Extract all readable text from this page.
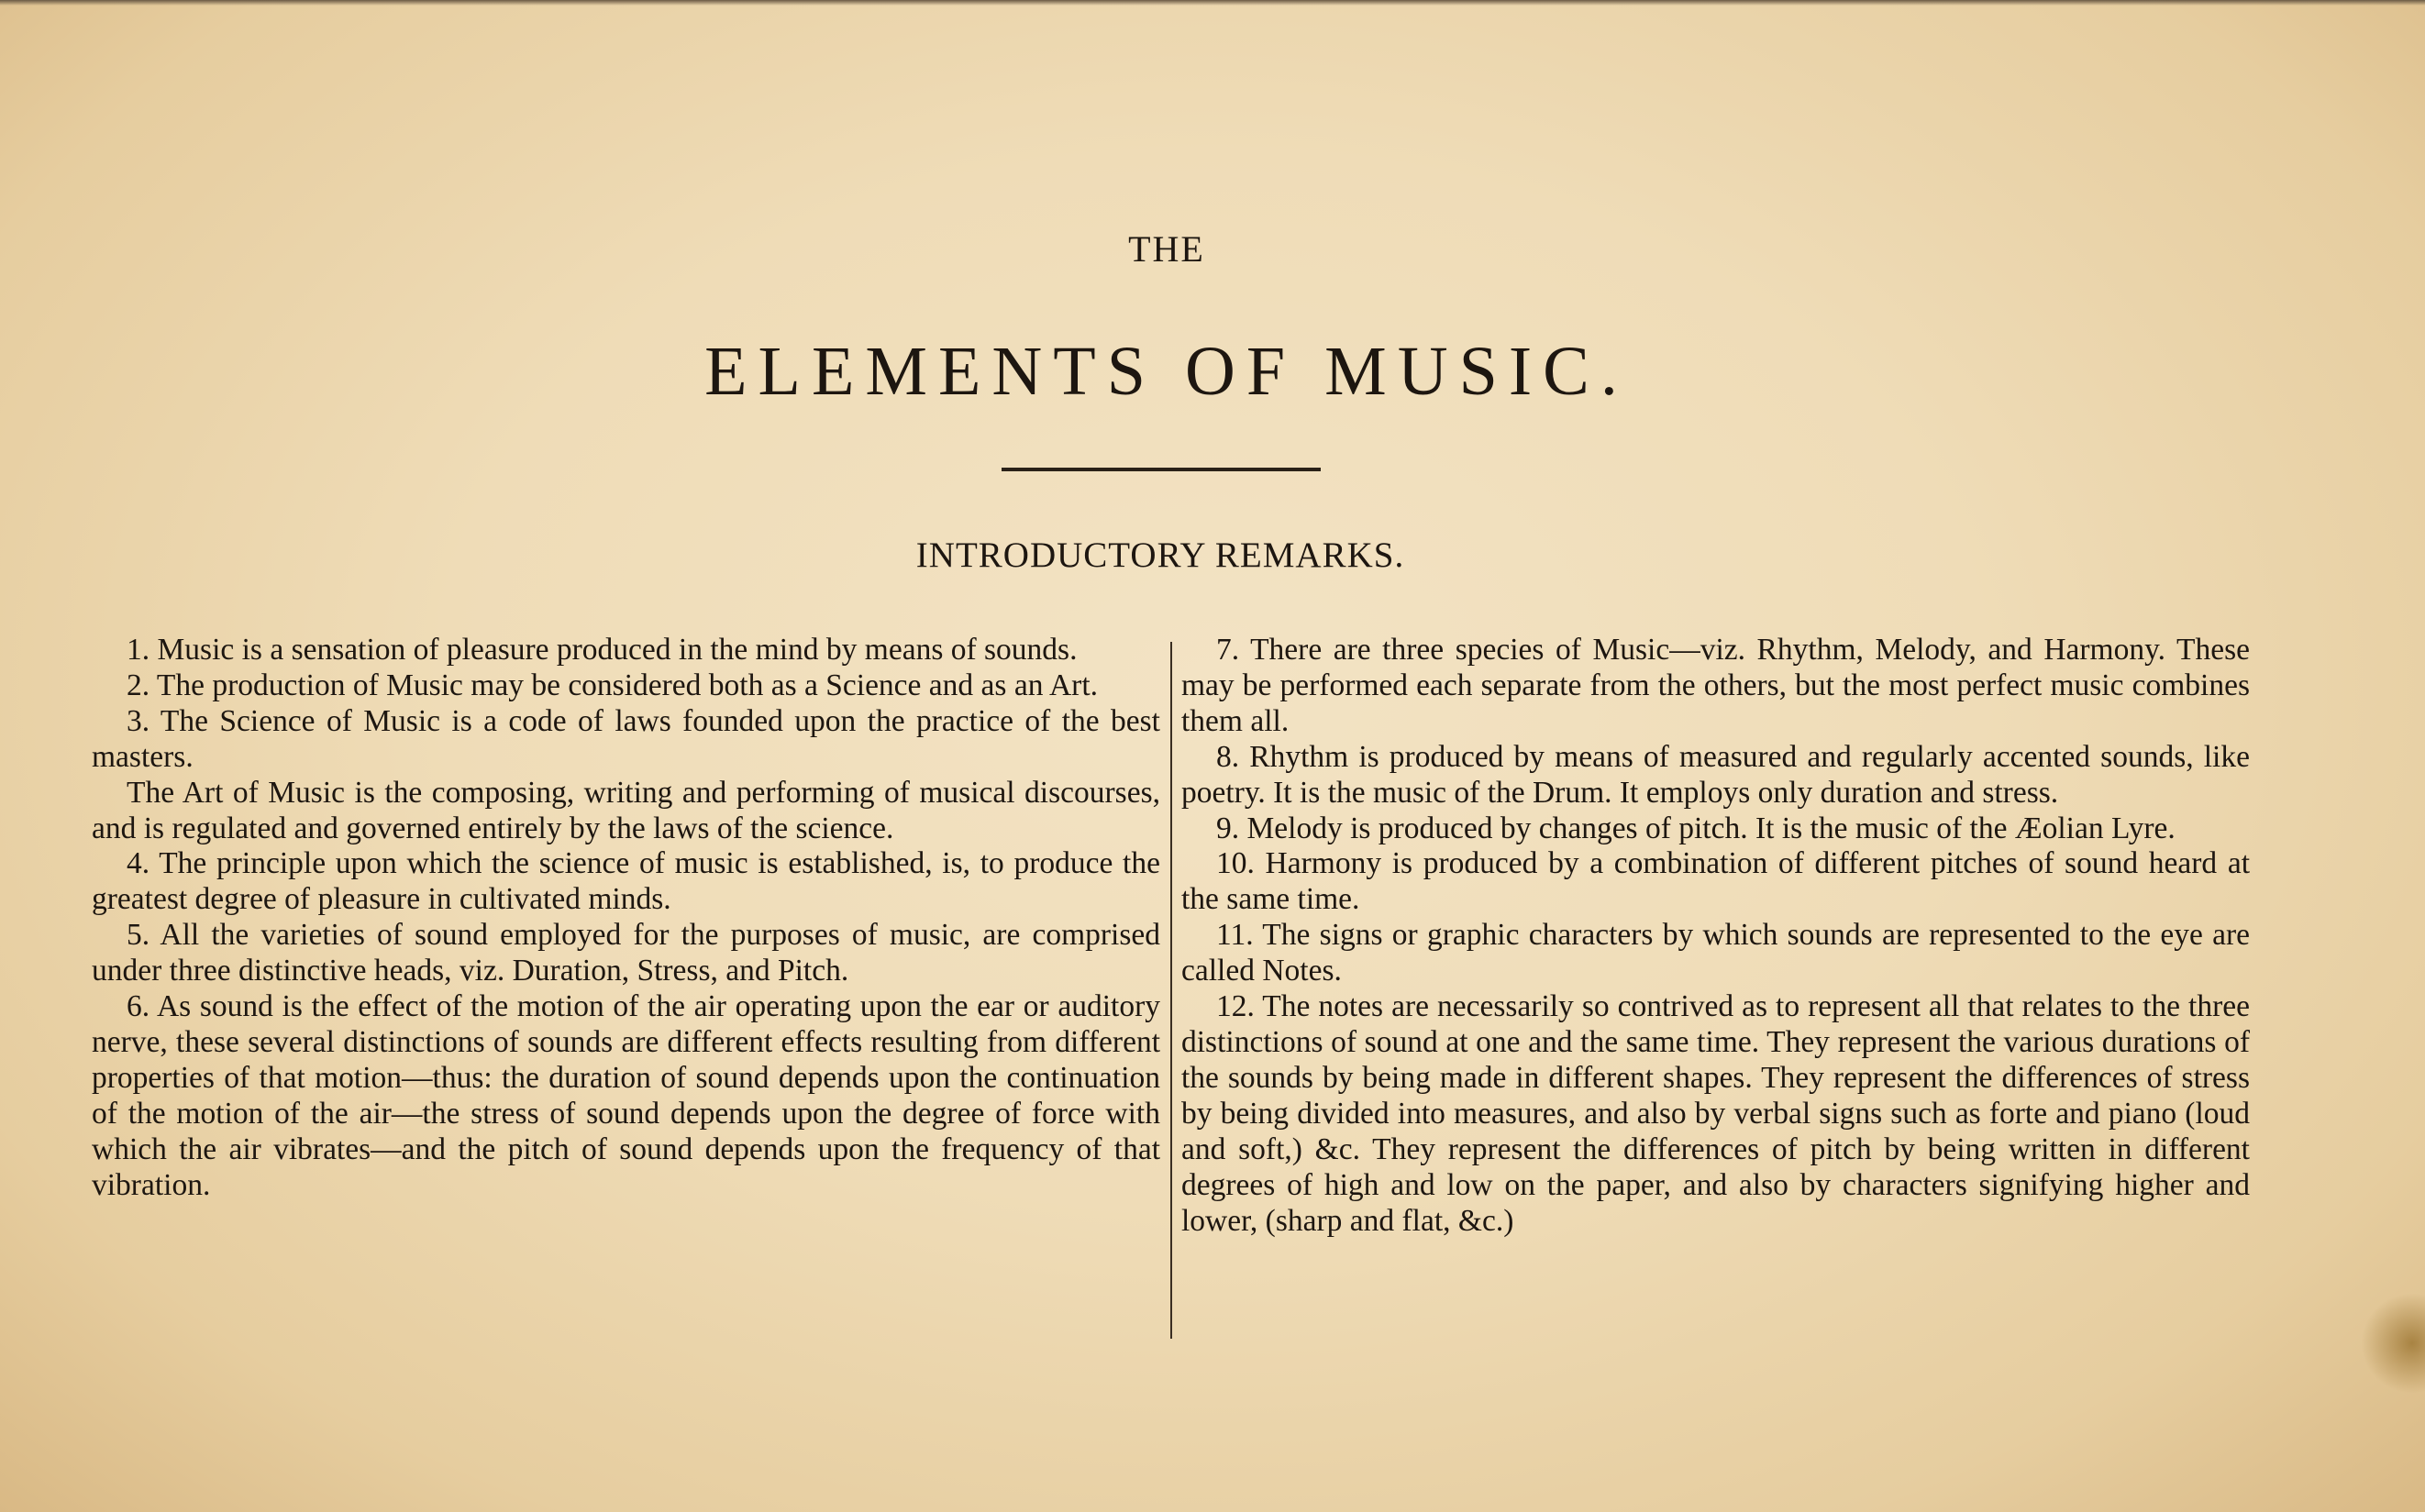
THE
ELEMENTS OF MUSIC.
INTRODUCTORY REMARKS.

1. Music is a sensation of pleasure produced in the mind by means of sounds.

2. The production of Music may be considered both as a Science and as an Art.

3. The Science of Music is a code of laws founded upon the practice of the best masters.

The Art of Music is the composing, writing and performing of musical discourses, and is regulated and governed entirely by the laws of the science.

4. The principle upon which the science of music is established, is, to produce the greatest degree of pleasure in cultivated minds.

5. All the varieties of sound employed for the purposes of music, are comprised under three distinctive heads, viz. Duration, Stress, and Pitch.

6. As sound is the effect of the motion of the air operating upon the ear or auditory nerve, these several distinctions of sounds are different effects resulting from different properties of that motion—thus: the duration of sound depends upon the continuation of the motion of the air—the stress of sound depends upon the degree of force with which the air vibrates—and the pitch of sound depends upon the frequency of that vibration.

7. There are three species of Music—viz. Rhythm, Melody, and Harmony. These may be performed each separate from the others, but the most perfect music combines them all.

8. Rhythm is produced by means of measured and regularly accented sounds, like poetry. It is the music of the Drum. It employs only duration and stress.

9. Melody is produced by changes of pitch. It is the music of the Æolian Lyre.

10. Harmony is produced by a combination of different pitches of sound heard at the same time.

11. The signs or graphic characters by which sounds are represented to the eye are called Notes.

12. The notes are necessarily so contrived as to represent all that relates to the three distinctions of sound at one and the same time. They represent the various durations of the sounds by being made in different shapes. They represent the differences of stress by being divided into measures, and also by verbal signs such as forte and piano (loud and soft,) &c. They represent the differences of pitch by being written in different degrees of high and low on the paper, and also by characters signifying higher and lower, (sharp and flat, &c.)
